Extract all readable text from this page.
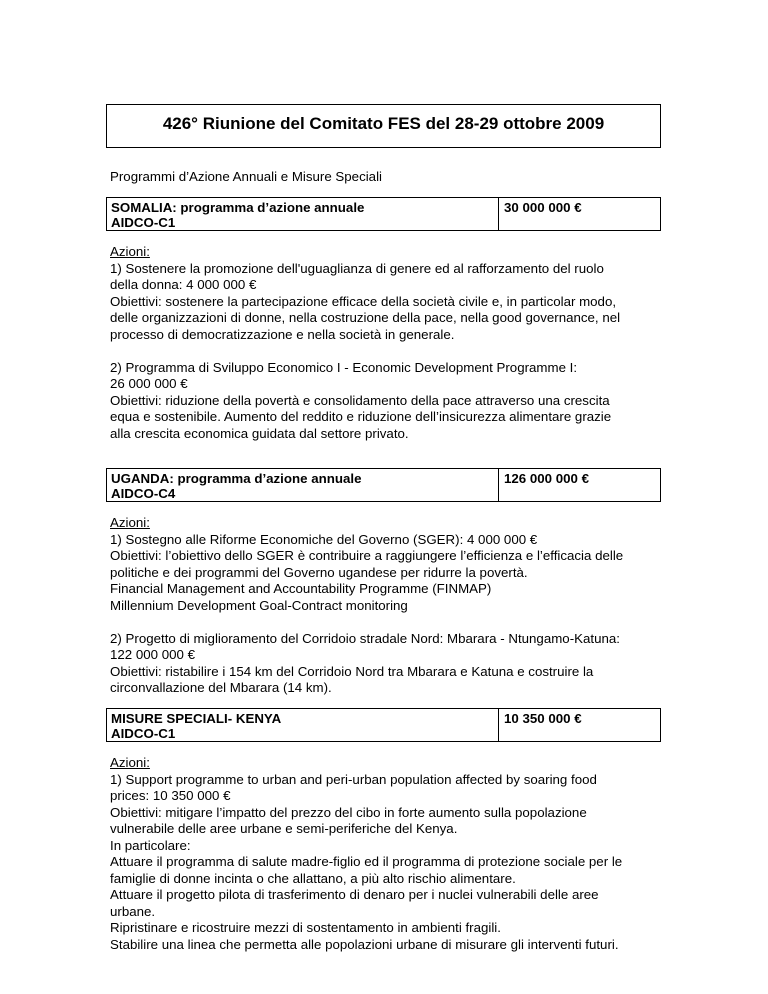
426° Riunione del Comitato FES del 28-29 ottobre 2009
Programmi d’Azione Annuali e Misure Speciali
SOMALIA: programma d’azione annuale
AIDCO-C1
30 000 000 €

Azioni:

1) Sostenere la promozione dell'uguaglianza di genere ed al rafforzamento del ruolo

della donna: 4 000 000 €

Obiettivi: sostenere la partecipazione efficace della società civile e, in particolar modo,

delle organizzazioni di donne, nella costruzione della pace, nella good governance, nel

processo di democratizzazione e nella società in generale.

2) Programma di Sviluppo Economico I - Economic Development Programme I:

26 000 000 €

Obiettivi: riduzione della povertà e consolidamento della pace attraverso una crescita

equa e sostenibile. Aumento del reddito e riduzione dell’insicurezza alimentare grazie

alla crescita economica guidata dal settore privato.

UGANDA: programma d’azione annuale
AIDCO-C4
126 000 000 €

Azioni:

1) Sostegno alle Riforme Economiche del Governo (SGER): 4 000 000 €

Obiettivi: l’obiettivo dello SGER è contribuire a raggiungere l’efficienza e l’efficacia delle

politiche e dei programmi del Governo ugandese per ridurre la povertà.

Financial Management and Accountability Programme (FINMAP)

Millennium Development Goal-Contract monitoring

2) Progetto di miglioramento del Corridoio stradale Nord: Mbarara - Ntungamo-Katuna:

122 000 000 €

Obiettivi: ristabilire i 154 km del Corridoio Nord tra Mbarara e Katuna e costruire la

circonvallazione del Mbarara (14 km).

MISURE SPECIALI- KENYA
AIDCO-C1
10 350 000 €

Azioni:

1) Support programme to urban and peri-urban population affected by soaring food

prices: 10 350 000 €

Obiettivi: mitigare l’impatto del prezzo del cibo in forte aumento sulla popolazione

vulnerabile delle aree urbane e semi-periferiche del Kenya.

In particolare:

Attuare il programma di salute madre-figlio ed il programma di protezione sociale per le

famiglie di donne incinta o che allattano, a più alto rischio alimentare.

Attuare il progetto pilota di trasferimento di denaro per i nuclei vulnerabili delle aree

urbane.

Ripristinare e ricostruire mezzi di sostentamento in ambienti fragili.

Stabilire una linea che permetta alle popolazioni urbane di misurare gli interventi futuri.
